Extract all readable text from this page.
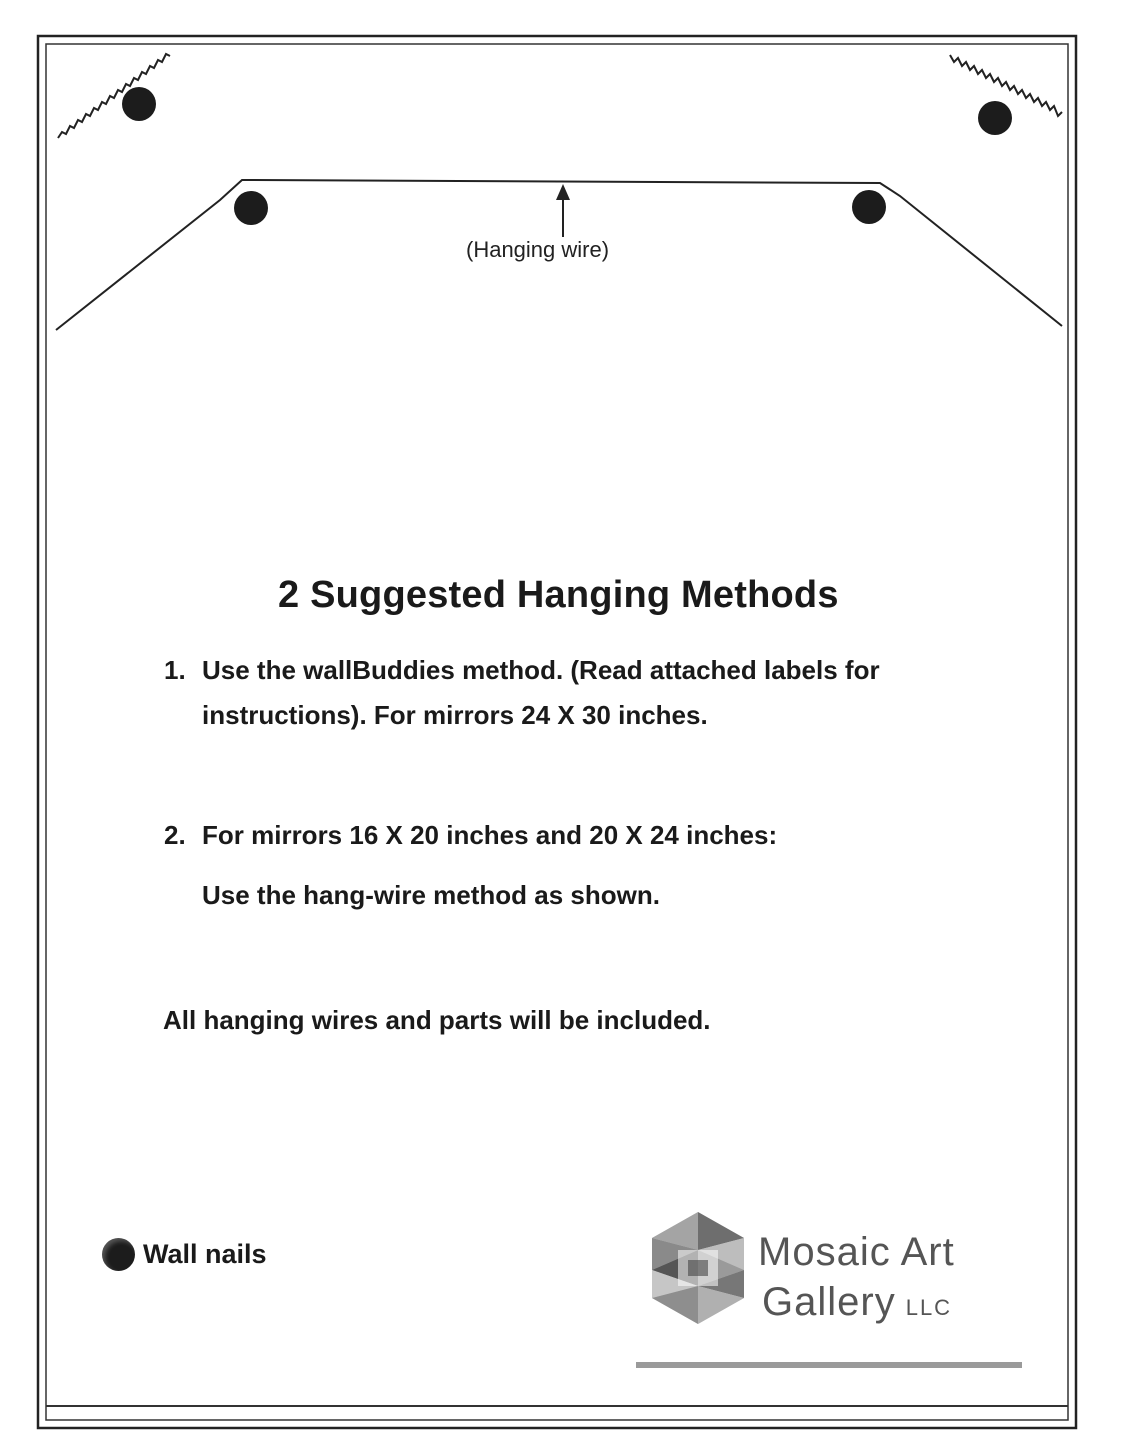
(Hanging wire)

2 Suggested Hanging Methods

1. Use the wallBuddies method. (Read attached labels for

instructions). For mirrors 24 X 30 inches.

2. For mirrors 16 X 20 inches and 20 X 24 inches:

Use the hang-wire method as shown.

All hanging wires and parts will be included.

Wall nails	Mosaic Art

Gallery LLC
